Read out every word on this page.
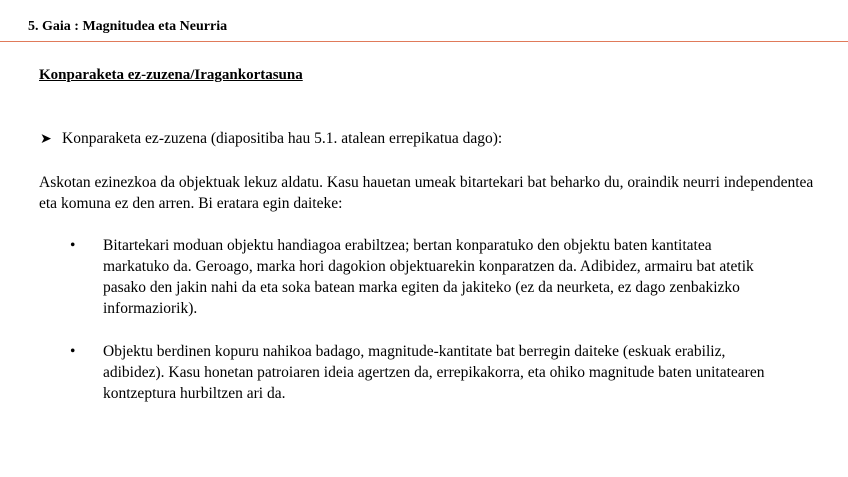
5. Gaia : Magnitudea eta Neurria
Konparaketa ez-zuzena/Iragankortasuna
➤ Konparaketa ez-zuzena (diapositiba hau 5.1. atalean errepikatua dago):
Askotan ezinezkoa da objektuak lekuz aldatu. Kasu hauetan umeak bitartekari bat beharko du, oraindik neurri independentea eta komuna ez den arren. Bi eratara egin daiteke:
• Bitartekari moduan objektu handiagoa erabiltzea; bertan konparatuko den objektu baten kantitatea markatuko da. Geroago, marka hori dagokion objektuarekin konparatzen da. Adibidez, armairu bat atetik pasako den jakin nahi da eta soka batean marka egiten da jakiteko (ez da neurketa, ez dago zenbakizko informaziorik).
• Objektu berdinen kopuru nahikoa badago, magnitude-kantitate bat berregin daiteke (eskuak erabiliz, adibidez). Kasu honetan patroiaren ideia agertzen da, errepikakorra, eta ohiko magnitude baten unitatearen kontzeptura hurbiltzen ari da.
